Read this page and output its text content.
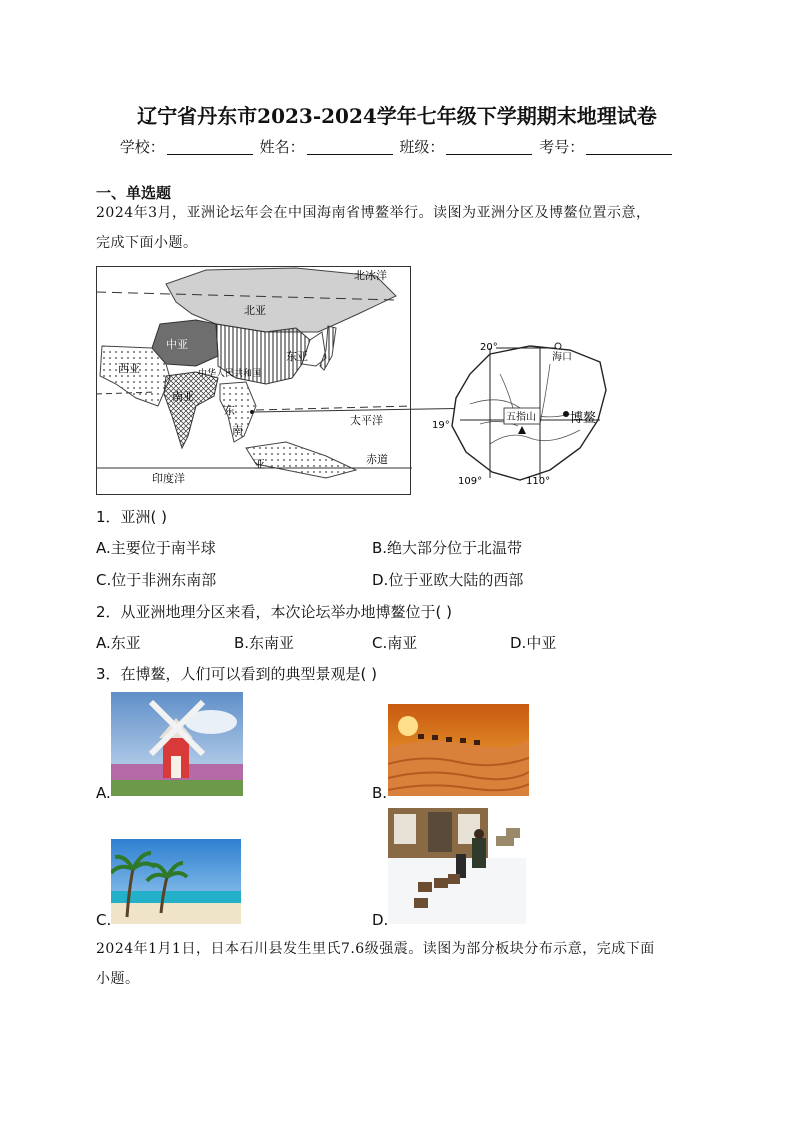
辽宁省丹东市2023-2024学年七年级下学期期末地理试卷
学校：	姓名：	班级：	考号：
一、单选题
2024年3月，亚洲论坛年会在中国海南省博鳌举行。读图为亚洲分区及博鳌位置示意，
完成下面小题。
北冰洋
北亚
中亚
西亚
东亚
中华人民共和国
南亚
东
南
亚
太平洋
赤道
印度洋
20°
19°
109°	110°
海口
五指山	博鳌
1．亚洲( )
A.主要位于南半球	B.绝大部分位于北温带
C.位于非洲东南部	D.位于亚欧大陆的西部
2．从亚洲地理分区来看，本次论坛举办地博鳌位于( )
A.东亚	B.东南亚	C.南亚	D.中亚
3．在博鳌，人们可以看到的典型景观是( )
A.	B.
C.	D.
2024年1月1日，日本石川县发生里氏7.6级强震。读图为部分板块分布示意，完成下面
小题。
